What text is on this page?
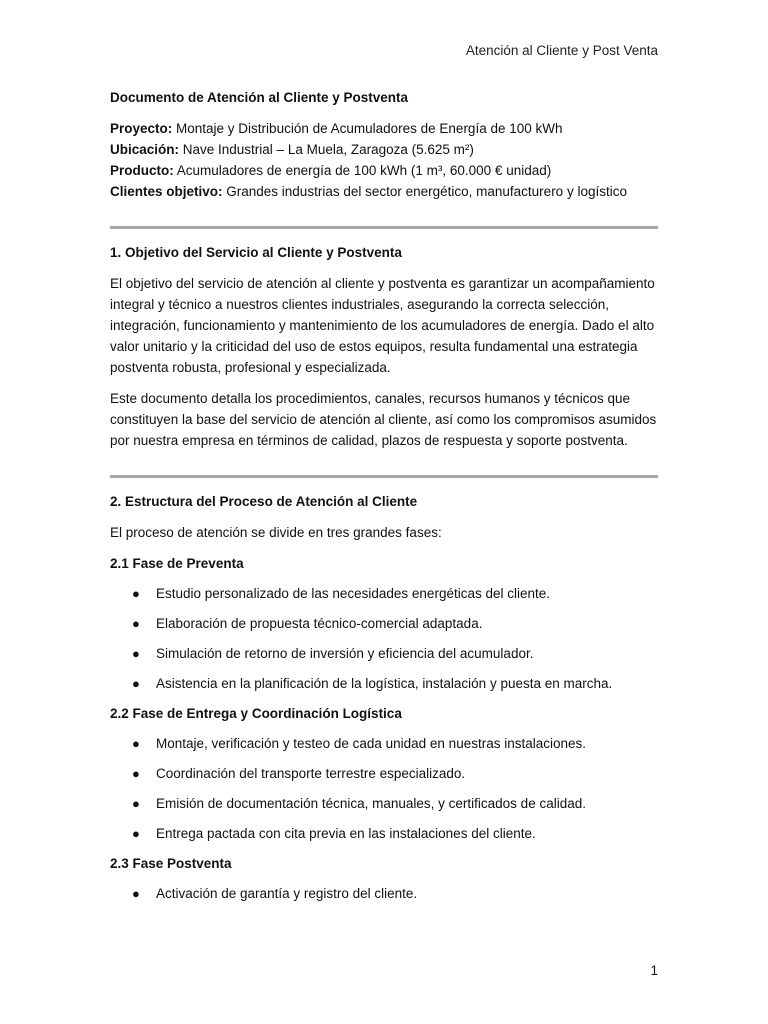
Atención al Cliente y Post Venta

Documento de Atención al Cliente y Postventa

Proyecto: Montaje y Distribución de Acumuladores de Energía de 100 kWh

Ubicación: Nave Industrial – La Muela, Zaragoza (5.625 m²)

Producto: Acumuladores de energía de 100 kWh (1 m³, 60.000 € unidad)

Clientes objetivo: Grandes industrias del sector energético, manufacturero y logístico

1. Objetivo del Servicio al Cliente y Postventa

El objetivo del servicio de atención al cliente y postventa es garantizar un acompañamiento integral y técnico a nuestros clientes industriales, asegurando la correcta selección, integración, funcionamiento y mantenimiento de los acumuladores de energía. Dado el alto valor unitario y la criticidad del uso de estos equipos, resulta fundamental una estrategia postventa robusta, profesional y especializada.

Este documento detalla los procedimientos, canales, recursos humanos y técnicos que constituyen la base del servicio de atención al cliente, así como los compromisos asumidos por nuestra empresa en términos de calidad, plazos de respuesta y soporte postventa.

2. Estructura del Proceso de Atención al Cliente

El proceso de atención se divide en tres grandes fases:

2.1 Fase de Preventa

● Estudio personalizado de las necesidades energéticas del cliente.
● Elaboración de propuesta técnico-comercial adaptada.
● Simulación de retorno de inversión y eficiencia del acumulador.
● Asistencia en la planificación de la logística, instalación y puesta en marcha.

2.2 Fase de Entrega y Coordinación Logística

● Montaje, verificación y testeo de cada unidad en nuestras instalaciones.
● Coordinación del transporte terrestre especializado.
● Emisión de documentación técnica, manuales, y certificados de calidad.
● Entrega pactada con cita previa en las instalaciones del cliente.

2.3 Fase Postventa

● Activación de garantía y registro del cliente.
1
